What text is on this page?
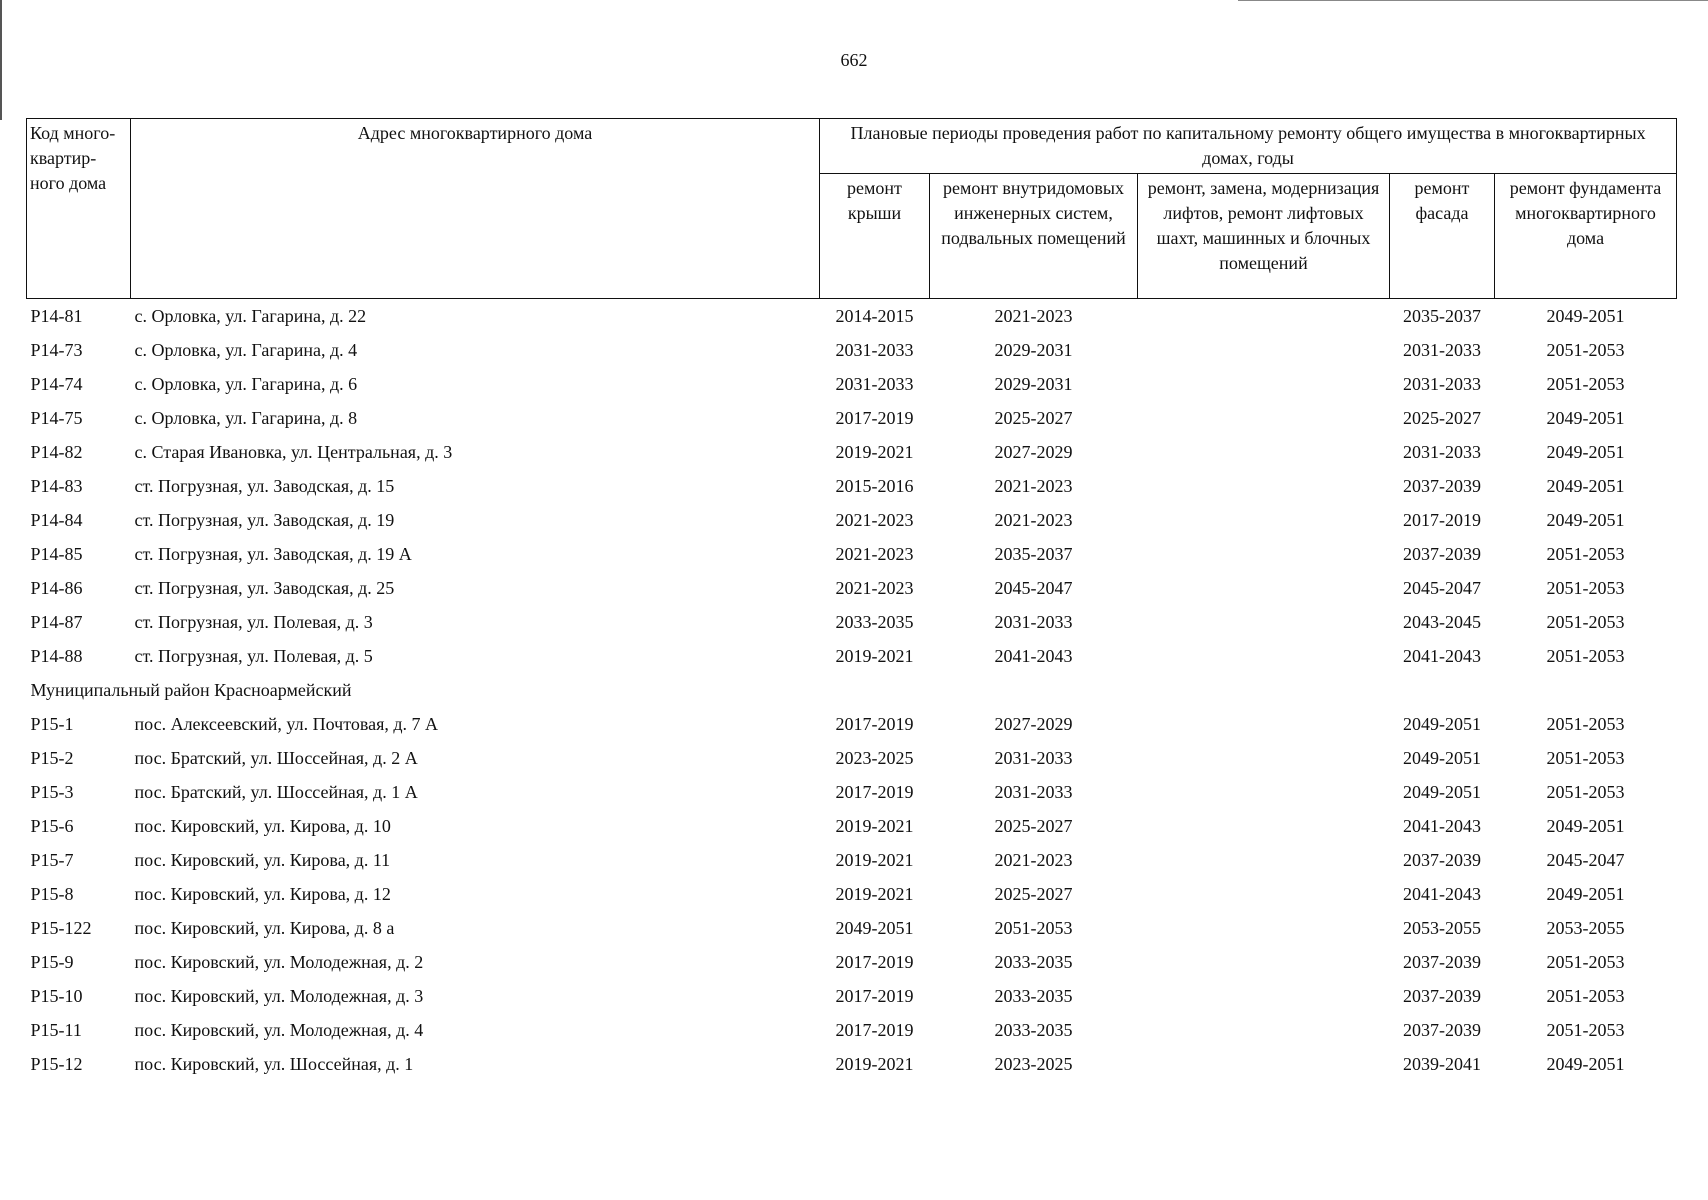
662
Код много-квартир-ного дома	Адрес многоквартирного дома	Плановые периоды проведения работ по капитальному ремонту общего имущества в многоквартирных домах, годы				
		ремонт крыши	ремонт внутридомовых инженерных систем, подвальных помещений	ремонт, замена, модернизация лифтов, ремонт лифтовых шахт, машинных и блочных помещений	ремонт фасада	ремонт фундамента многоквартирного дома
Р14-81	с. Орловка, ул. Гагарина, д. 22	2014-2015	2021-2023		2035-2037	2049-2051
Р14-73	с. Орловка, ул. Гагарина, д. 4	2031-2033	2029-2031		2031-2033	2051-2053
Р14-74	с. Орловка, ул. Гагарина, д. 6	2031-2033	2029-2031		2031-2033	2051-2053
Р14-75	с. Орловка, ул. Гагарина, д. 8	2017-2019	2025-2027		2025-2027	2049-2051
Р14-82	с. Старая Ивановка, ул. Центральная, д. 3	2019-2021	2027-2029		2031-2033	2049-2051
Р14-83	ст. Погрузная, ул. Заводская, д. 15	2015-2016	2021-2023		2037-2039	2049-2051
Р14-84	ст. Погрузная, ул. Заводская, д. 19	2021-2023	2021-2023		2017-2019	2049-2051
Р14-85	ст. Погрузная, ул. Заводская, д. 19 А	2021-2023	2035-2037		2037-2039	2051-2053
Р14-86	ст. Погрузная, ул. Заводская, д. 25	2021-2023	2045-2047		2045-2047	2051-2053
Р14-87	ст. Погрузная, ул. Полевая, д. 3	2033-2035	2031-2033		2043-2045	2051-2053
Р14-88	ст. Погрузная, ул. Полевая, д. 5	2019-2021	2041-2043		2041-2043	2051-2053
Муниципальный район Красноармейский						
Р15-1	пос. Алексеевский, ул. Почтовая, д. 7 А	2017-2019	2027-2029		2049-2051	2051-2053
Р15-2	пос. Братский, ул. Шоссейная, д. 2 А	2023-2025	2031-2033		2049-2051	2051-2053
Р15-3	пос. Братский, ул. Шоссейная, д. 1 А	2017-2019	2031-2033		2049-2051	2051-2053
Р15-6	пос. Кировский, ул. Кирова, д. 10	2019-2021	2025-2027		2041-2043	2049-2051
Р15-7	пос. Кировский, ул. Кирова, д. 11	2019-2021	2021-2023		2037-2039	2045-2047
Р15-8	пос. Кировский, ул. Кирова, д. 12	2019-2021	2025-2027		2041-2043	2049-2051
Р15-122	пос. Кировский, ул. Кирова, д. 8 а	2049-2051	2051-2053		2053-2055	2053-2055
Р15-9	пос. Кировский, ул. Молодежная, д. 2	2017-2019	2033-2035		2037-2039	2051-2053
Р15-10	пос. Кировский, ул. Молодежная, д. 3	2017-2019	2033-2035		2037-2039	2051-2053
Р15-11	пос. Кировский, ул. Молодежная, д. 4	2017-2019	2033-2035		2037-2039	2051-2053
Р15-12	пос. Кировский, ул. Шоссейная, д. 1	2019-2021	2023-2025		2039-2041	2049-2051
